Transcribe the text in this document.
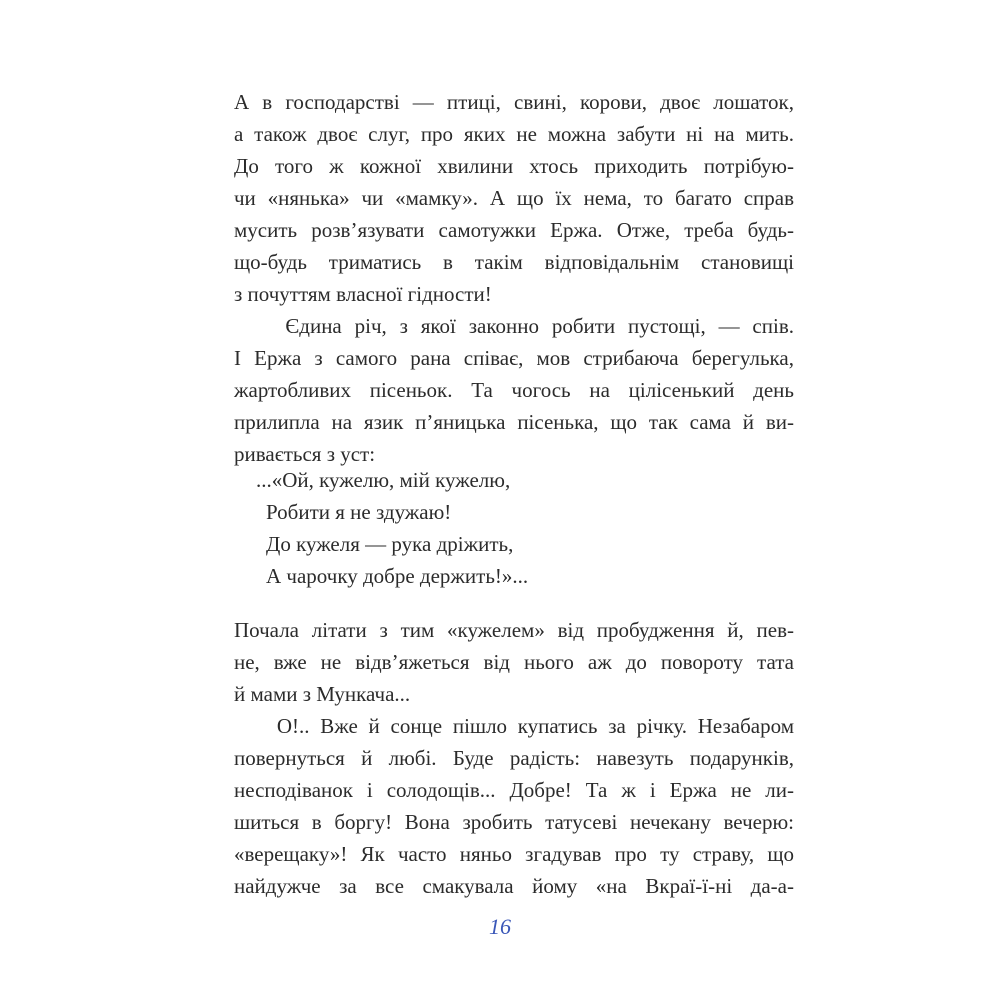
А в господарстві — птиці, свині, корови, двоє лошаток,
а також двоє слуг, про яких не можна забути ні на мить.
До того ж кожної хвилини хтось приходить потрібую-
чи «нянька» чи «мамку». А що їх нема, то багато справ
мусить розв’язувати самотужки Ержа. Отже, треба будь-
що-будь триматись в такім відповідальнім становищі
з почуттям власної гідности!
Єдина річ, з якої законно робити пустощі, — спів.
І Ержа з самого рана співає, мов стрибаюча берегулька,
жартобливих пісеньок. Та чогось на цілісенький день
прилипла на язик п’яницька пісенька, що так сама й ви-
ривається з уст:
...«Ой, кужелю, мій кужелю,
Робити я не здужаю!
До кужеля — рука дріжить,
А чарочку добре держить!»...
Почала літати з тим «кужелем» від пробудження й, пев-
не, вже не відв’яжеться від нього аж до повороту тата
й мами з Мункача...
О!.. Вже й сонце пішло купатись за річку. Незабаром
повернуться й любі. Буде радість: навезуть подарунків,
несподіванок і солодощів... Добре! Та ж і Ержа не ли-
шиться в боргу! Вона зробить татусеві нечекану вечерю:
«верещаку»! Як часто няньо згадував про ту страву, що
найдужче за все смакувала йому «на Вкраї-ї-ні да-а-
16
